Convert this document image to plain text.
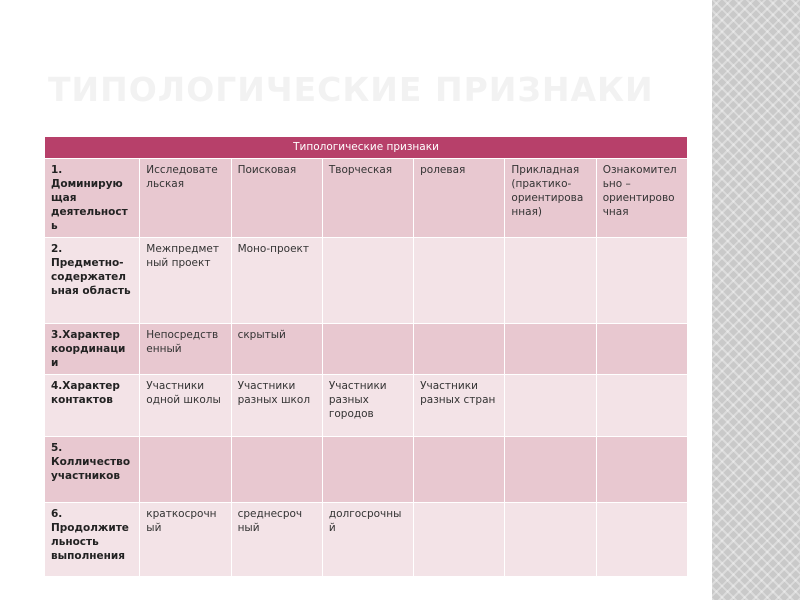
ТИПОЛОГИЧЕСКИЕ ПРИЗНАКИ
Типологические признаки						
1. Доминирую щая деятельност ь	Исследовате льская	Поисковая	Творческая	ролевая	Прикладная (практико-ориентирова нная)	Ознакомител ьно – ориентирово чная
2. Предметно-содержател ьная область	Межпредмет ный проект	Моно-проект				
3.Характер координаци и	Непосредств енный	скрытый				
4.Характер контактов	Участники одной школы	Участники разных школ	Участники разных городов	Участники разных стран		
5. Колличество участников						
6. Продолжите льность выполнения	краткосрочн ый	среднесроч ный	долгосрочны й			
